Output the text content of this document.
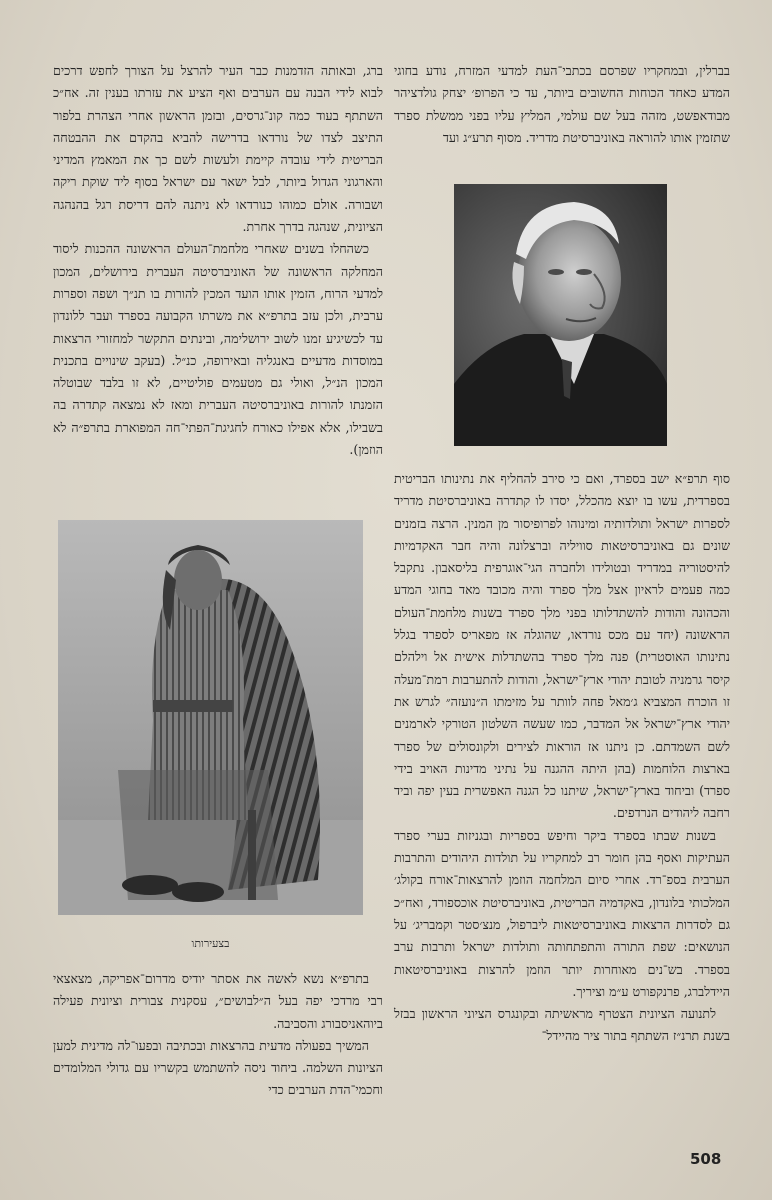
בברלין, ובמחקריו שפרסם בכתבי־העת למדעי המזרח, נודע בחוגי המדע כאחד הכוחות החשובים ביותר, עד כי הפרופ׳ יצחק גולדציהר מבודאפשט, מזהה בעל שם עולמי, המליץ עליו בפני ממשלת ספרד שתזמין אותו להוראה באוניברסיטת מדריד. מסוף תרע״ג ועד

סוף תרפ״א ישב בספרד, ואם כי סירב להחליף את נתינותו הבריטית בספרדית, עשו בו יוצא מהכלל, יסדו לו קתדרה באוניברסיטת מדריד לספרות ישראל ותולדותיה ומינוהו לפרופיסור מן המנין. הרצה בזמנים שונים גם באוניברסיטאות סוויליה וברצלונה והיה חבר האקדמיות להיסטוריה במדריד ובטולידו ולחברה הגי־אוגרפית בליסאבון. נתקבל כמה פעמים לראיון אצל מלך ספרד והיה מכובד מאד בחוגי המדע והכהונה והודות להשתדלותו בפני מלך ספרד בשנות מלחמת־העולם הראשונה (יחד עם מכס נורדאו, שהוגלה אז מפאריס לספרד בגלל נתינותו האוסטרית) פנה מלך ספרד בהשתדלות אישית אל וילהלם קיסר גרמניה לטובת יהודי ארץ־ישראל, והודות להתערבות רמת־מעלה זו הוכרח המצביא ג׳מאל פחה לוותר על מזימתו ה״נועזה״ לגרש את יהודי ארץ־ישראל אל המדבר, כמו שעשה השלטון הטורקי לארמנים לשם השמדתם. כן ניתנו אז הוראות לצירים ולקונסולים של ספרד בארצות הלוחמות (בהן היתה ההגנה על נתיני מדינות האויב בידי ספרד) וביחוד בארץ־ישראל, שיתנו כל הגנה האפשרית בעין יפה וביד רחבה ליהודים הנרדפים.

בשנות שבתו בספרד ביקר וחיפש בספריות ובגניזות בערי ספרד העתיקות ואסף בהן חומר רב למחקריו על תולדות היהודים והתרבות הערבית בספ־רד. אחרי סיום המלחמה הוזמן להרצאות־אורח בקולג׳ המלכותי בלונדון, באקדמיה הבריטית, באוניברסיטת אוכספורד, ואח״כ גם לסדרות הרצאות באוניברסיטאות ליברפול, מנצ׳סטר וקמבריג׳ על הנושאים: שפת התורה והתפתחותה ותולדות ישראל ותרבות ערב בספרד. בש־נים מאוחרות יותר הוזמן להרצות באוניברסיטאות היידלברג, פרנקפורט ע״מ וציריך.

לתנועה הציונית הצטרף מראשיתה ובקונגרס הציוני הראשון בבזל בשנת תרנ״ז השתתף בתור ציר מהיידל־

ברג, ובאותה הזדמנות כבר העיר להרצל על הצורך לחפש דרכים לבוא לידי הבנה עם הערבים ואף הציע את עזרתו בענין זה. אח״כ השתתף בעוד כמה קונ־גרסים, ובזמן הראשון אחרי הצהרת בלפור התיצב לצדו של נורדאו בדרישה להביא בהקדם את ההבטחה הבריטית לידי עובדה קיימת ולעשות לשם כך את המאמץ המדיני והארגוני הגדול ביותר, לבל ישאר עם ישראל בסוף ליד שוקת ריקה ושבורה. אולם כמוהו כנורדאו לא ניתנה להם דריסת רגל בהנהגה הציונית, שנהגה בדרך אחרת.

כשהחלו בשנים שאחרי מלחמת־העולם הראשונה ההכנות ליסוד המחלקה הראשונה של האוניברסיטה העברית בירושלים, המכון למדעי הרוח, הזמין אותו הועד המכין להורות בו תנ״ך ושפה וספרות ערבית, ולכן עזב בתרפ״א את משרתו הקבועה בספרד ועבר ללונדון עד לכשיגיע זמנו לשוב ירושלימה, ובינתים התקשר למחזורי הרצאות במוסדות מדעיים באנגליה ובאירופה, כנ״ל. (בעקב שינויים בתכנית המכון הנ״ל, ואולי גם מטעמים פוליטיים, לא זו בלבד שבוטלה הזמנתו להורות באוניברסיטה העברית ומאז לא נמצאה קתדרה בה בשבילו, אלא אפילו כאורח לחגיגת־הפתי־חה המפוארת בתרפ״ה לא הוזמן).

בצעירותו

בתרפ״א נשא לאשה את אסתר יודיס מדרום־אפריקה, מצאצאי רבי מרדכי יפה בעל ה״לבושים״, עסקנית צבורית וציונית פעילה ביוהאניסבורג והסביבה.

המשיך בפעולה מדעית בהרצאות ובכתיבה ובפעו־לה מדינית למען הציונות השלמה. ביחוד ניסה להשתמש בקשריו עם גדולי המלומדים וחכמי־הדת הערבים כדי

508
